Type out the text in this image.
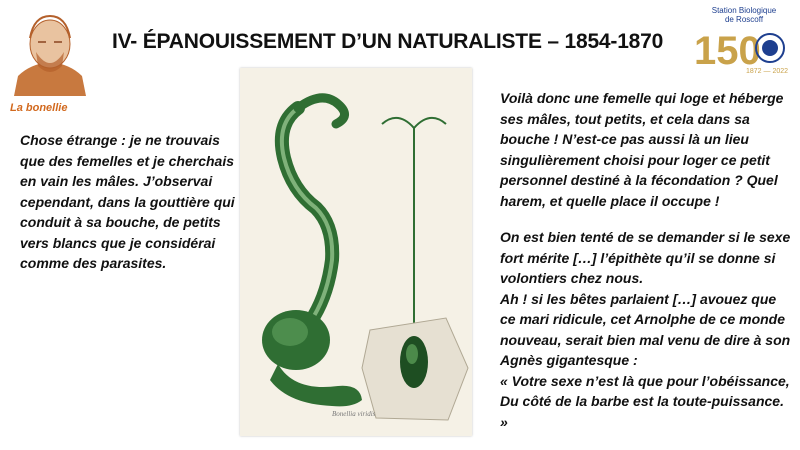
IV- ÉPANOUISSEMENT D’UN NATURALISTE – 1854-1870
La bonellie
Chose étrange : je ne trouvais que des femelles et je cherchais en vain les mâles. J’observai cependant, dans la gouttière qui conduit à sa bouche, de petits vers blancs que je considérai comme des parasites.
Bonellia viridis

Voilà donc une femelle qui loge et héberge ses mâles, tout petits, et cela dans sa bouche ! N’est-ce pas aussi là un lieu singulièrement choisi pour loger ce petit personnel destiné à la fécondation ? Quel harem, et quelle place il occupe !

On est bien tenté de se demander si le sexe fort mérite […] l’épithète qu’il se donne si volontiers chez nous.
Ah ! si les bêtes parlaient […] avouez que ce mari ridicule, cet Arnolphe de ce monde nouveau, serait bien mal venu de dire à son Agnès gigantesque :
« Votre sexe n’est là que pour l’obéissance, Du côté de la barbe est la toute-puissance. »

Station Biologique
de Roscoff
150
1872 — 2022
